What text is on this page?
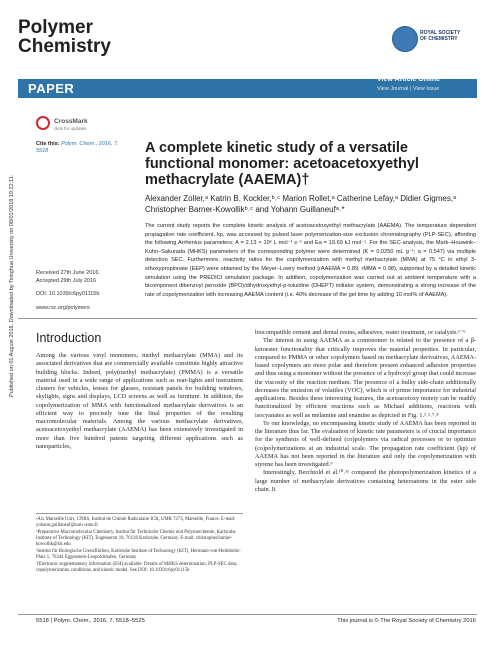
Polymer
Chemistry
ROYAL SOCIETY
OF CHEMISTRY
PAPER
View Article Online
View Journal | View Issue
Published on 01 August 2016. Downloaded by Tsinghua University on 08/01/2018 19:22:11.
CrossMark
click for updates
Cite this: Polym. Chem., 2016, 7, 5518	A complete kinetic study of a versatile functional monomer: acetoacetoxyethyl methacrylate (AAEMA)†
Alexander Zoller,ᵃ Katrin B. Kockler,ᵇ˒ᶜ Marion Rollet,ᵃ Catherine Lefay,ᵃ Didier Gigmes,ᵃ Christopher Barner-Kowollikᵇ˒ᶜ and Yohann Guillaneufᵃ˒*
The current study reports the complete kinetic analysis of acetoacetoxyethyl methacrylate (AAEMA). The temperature dependent propagation rate coefficient, kp, was accessed by pulsed laser polymerization-size exclusion chromatography (PLP-SEC), affording the following Arrhenius parameters: A = 2.13 × 10⁶ L mol⁻¹ s⁻¹ and Ea = 19.69 kJ mol⁻¹. For the SEC-analysis, the Mark–Houwink–Kuhn–Sakurada (MHKS) parameters of the corresponding polymer were determined (K = 0.0250 mL g⁻¹; α = 0.547) via multiple detection SEC. Furthermore, reactivity ratios for the copolymerization with methyl methacrylate (MMA) at 75 °C in ethyl 3-ethoxypropionate (EEP) were obtained by the Meyer–Lowry method (rAAEMA = 0.89; rMMA = 0.98), supported by a detailed kinetic simulation using the PREDICI simulation package. In addition, copolymerization was carried out at ambient temperature with a bicomponent dibenzoyl peroxide (BPO)/dihydroxyethyl-p-toluidine (DHEPT) initiator system, demonstrating a strong increase of the rate of copolymerization with increasing AAEMA content (i.e. 40% decrease of the gel time by adding 10 mol% of AAEMA).
Received 27th June 2016,
Accepted 29th July 2016
DOI: 10.1039/c6py01115b
www.rsc.org/polymers
Introduction

Among the various vinyl monomers, methyl methacrylate (MMA) and its associated derivatives that are commercially available constitute highly attractive building blocks. Indeed, poly(methyl methacrylate) (PMMA) is a versatile material used in a wide range of applications such as rear-lights and instrument clusters for vehicles, lenses for glasses, resistant panels for building windows, skylights, signs and displays, LCD screens as well as furniture. In addition, the copolymerization of MMA with functionalized methacrylate derivatives is an efficient way to precisely tune the final properties of the resulting macromolecular materials. Among the various methacrylate derivatives, acetoacetoxyethyl methacrylate (AAEMA) has been extensively investigated in more than five hundred patents targeting different applications such as nanoparticles,

biocompatible cement and dental resins, adhesives, water treatment, or catalysts.¹⁻⁶

The interest in using AAEMA as a comonomer is related to the presence of a β-ketoester functionality that critically improves the material properties. In particular, compared to PMMA or other copolymers based on methacrylate derivatives, AAEMA-based copolymers are more polar and therefore present enhanced adhesion properties and thus using a monomer without the presence of a hydroxyl group that could increase the viscosity of the reaction medium. The presence of a bulky side-chain additionally decreases the emission of volatiles (VOC), which is of prime importance for industrial applications. Besides these interesting features, the acetoacetoxy moiety can be readily functionalized by efficient reactions such as Michael additions, reactions with isocyanates as well as melamine and enamine as depicted in Fig. 1.¹˒²˒⁷˒⁸

To our knowledge, no encompassing kinetic study of AAEMA has been reported in the literature thus far. The evaluation of kinetic rate parameters is of crucial importance for the synthesis of well-defined (co)polymers via radical processes or to optimize (co)polymerizations at an industrial scale. The propagation rate coefficient (kp) of AAEMA has not been reported in the literature and only the copolymerization with styrene has been investigated.⁹

Interestingly, Berchtold et al.¹⁰˒¹¹ compared the photopolymerization kinetics of a large number of methacrylate derivatives containing heteroatoms in the ester side chain. It

ᵃAix Marseille Univ, CNRS, Institut de Chimie Radicalaire ICR, UMR 7273, Marseille, France. E-mail: yohann.guillaneuf@univ-amu.fr

ᵇPreparative Macromolecular Chemistry, Institut für Technische Chemie und Polymerchemie, Karlsruhe Institute of Technology (KIT), Engesserstr 18, 76128 Karlsruhe, Germany. E-mail: christopher.barner-kowollik@kit.edu

ᶜInstitut für Biologische Grenzflächen, Karlsruhe Institute of Technology (KIT), Hermann-von-Helmholtz-Platz 1, 76344 Eggenstein-Leopoldshafen, Germany

†Electronic supplementary information (ESI) available: Details of MHKS determination, PLP-SEC data, copolymerization conditions, and kinetic model. See DOI: 10.1039/c6py01115b

5518 | Polym. Chem., 2016, 7, 5518–5525	This journal is © The Royal Society of Chemistry 2016
